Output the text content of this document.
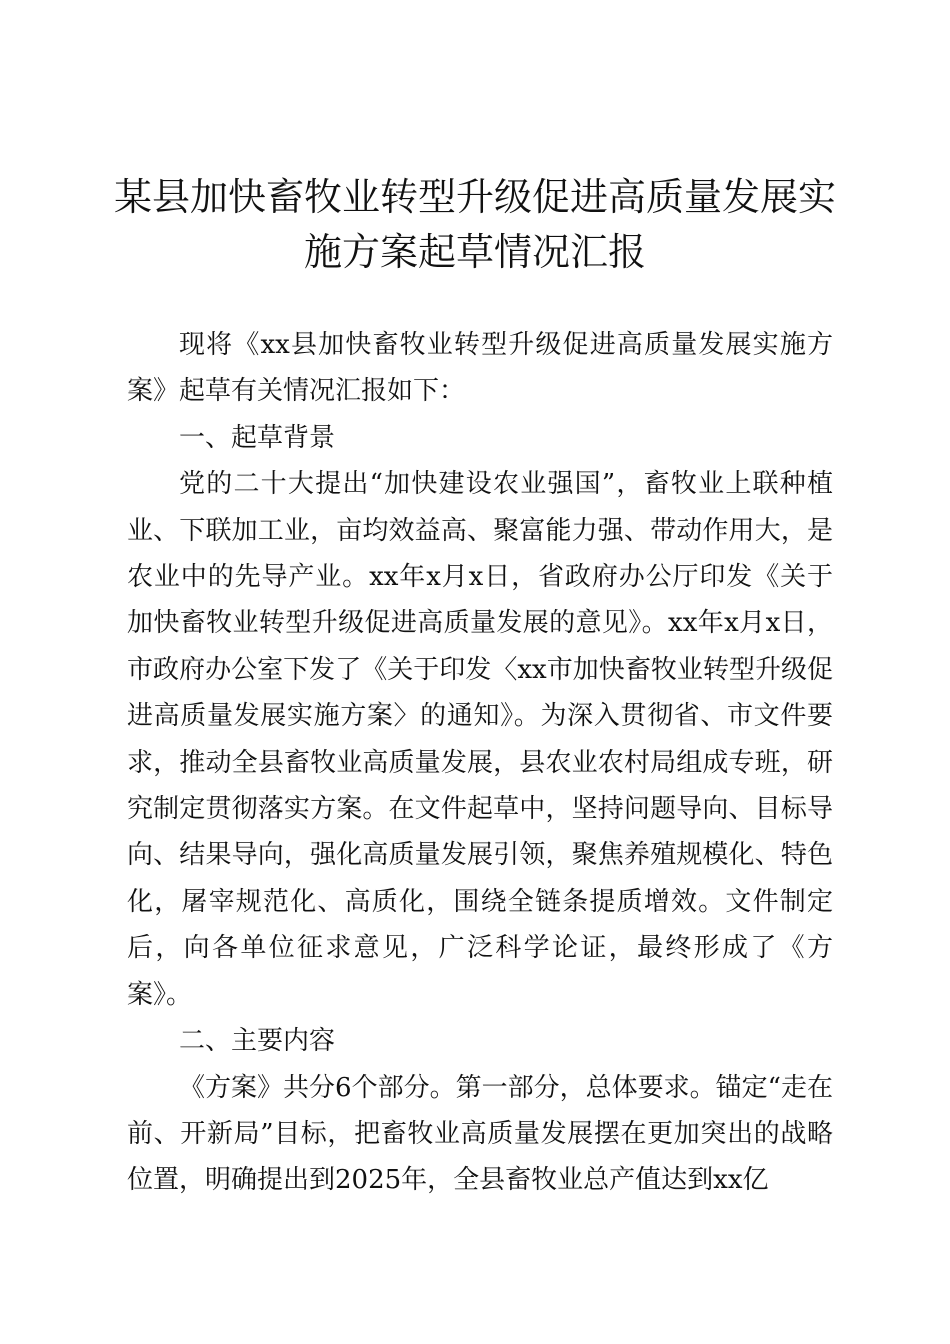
某县加快畜牧业转型升级促进高质量发展实施方案起草情况汇报

现将《xx县加快畜牧业转型升级促进高质量发展实施方案》起草有关情况汇报如下：

一、起草背景

党的二十大提出“加快建设农业强国”，畜牧业上联种植业、下联加工业，亩均效益高、聚富能力强、带动作用大，是农业中的先导产业。xx年x月x日，省政府办公厅印发《关于加快畜牧业转型升级促进高质量发展的意见》。xx年x月x日，市政府办公室下发了《关于印发〈xx市加快畜牧业转型升级促进高质量发展实施方案〉的通知》。为深入贯彻省、市文件要求，推动全县畜牧业高质量发展，县农业农村局组成专班，研究制定贯彻落实方案。在文件起草中，坚持问题导向、目标导向、结果导向，强化高质量发展引领，聚焦养殖规模化、特色化，屠宰规范化、高质化，围绕全链条提质增效。文件制定后，向各单位征求意见，广泛科学论证，最终形成了《方案》。

二、主要内容

《方案》共分6个部分。第一部分，总体要求。锚定“走在前、开新局”目标，把畜牧业高质量发展摆在更加突出的战略位置，明确提出到2025年，全县畜牧业总产值达到xx亿
